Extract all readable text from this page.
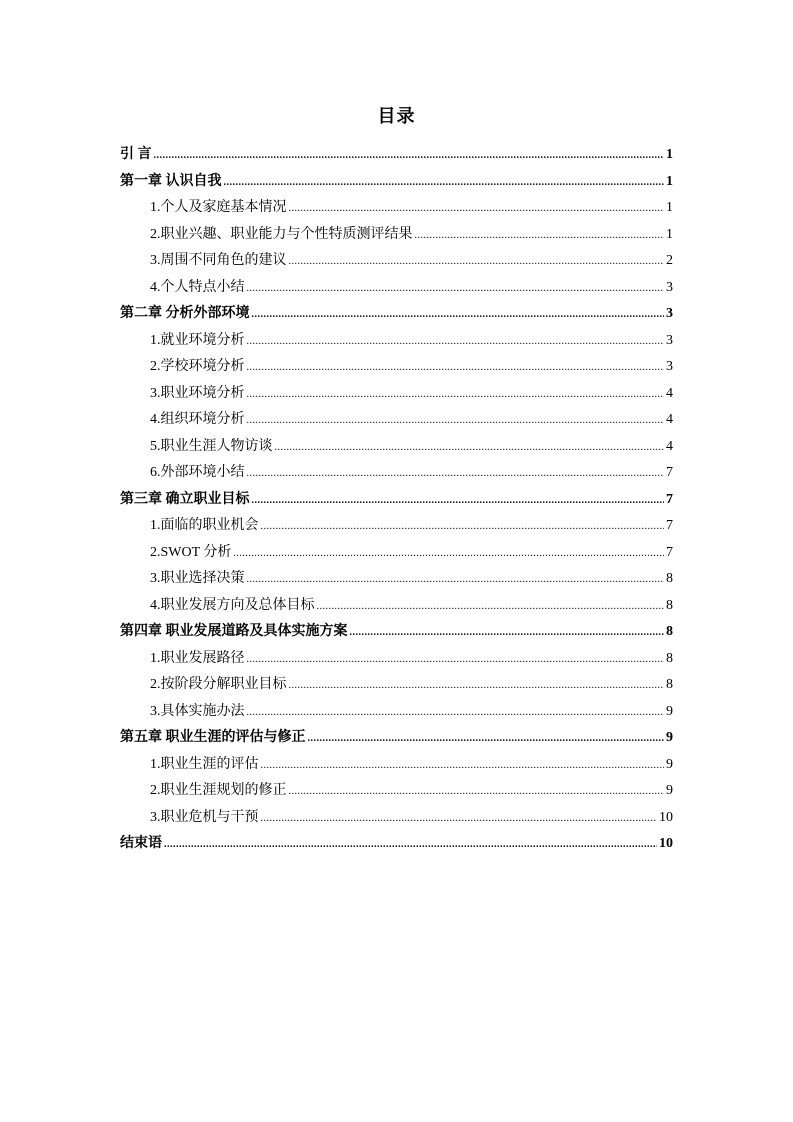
目录
引 言 .....	1
第一章 认识自我 .....	1
1.个人及家庭基本情况 .....	1
2.职业兴趣、职业能力与个性特质测评结果 .....	1
3.周围不同角色的建议 .....	2
4.个人特点小结 .....	3
第二章 分析外部环境 .....	3
1.就业环境分析 .....	3
2.学校环境分析 .....	3
3.职业环境分析 .....	4
4.组织环境分析 .....	4
5.职业生涯人物访谈 .....	4
6.外部环境小结 .....	7
第三章 确立职业目标 .....	7
1.面临的职业机会 .....	7
2.SWOT 分析 .....	7
3.职业选择决策 .....	8
4.职业发展方向及总体目标 .....	8
第四章 职业发展道路及具体实施方案 .....	8
1.职业发展路径 .....	8
2.按阶段分解职业目标 .....	8
3.具体实施办法 .....	9
第五章 职业生涯的评估与修正 .....	9
1.职业生涯的评估 .....	9
2.职业生涯规划的修正 .....	9
3.职业危机与干预 .....	10
结束语 .....	10
